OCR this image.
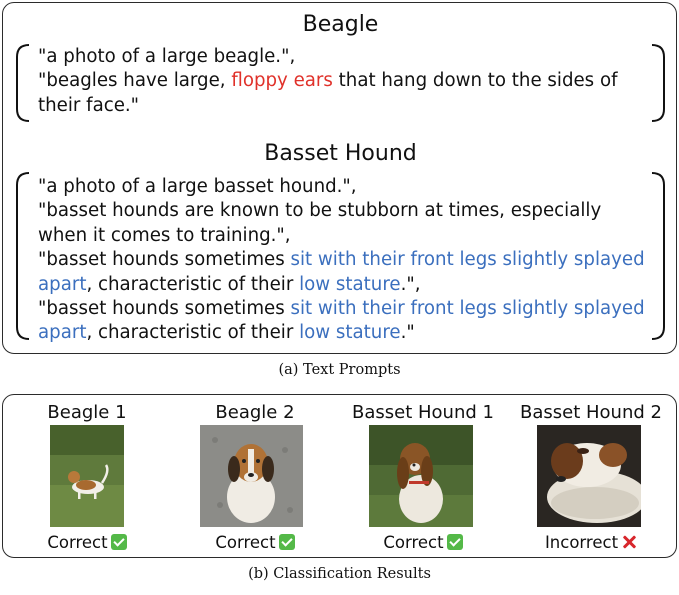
Beagle
"a photo of a large beagle.",
"beagles have large, floppy ears that hang down to the sides of
their face."
Basset Hound
"a photo of a large basset hound.",
"basset hounds are known to be stubborn at times, especially
when it comes to training.",
"basset hounds sometimes sit with their front legs slightly splayed
apart, characteristic of their low stature.",
"basset hounds sometimes sit with their front legs slightly splayed
apart, characteristic of their low stature."
(a) Text Prompts
Beagle 1
Correct
Beagle 2
Correct
Basset Hound 1
Correct
Basset Hound 2
Incorrect
(b) Classification Results
